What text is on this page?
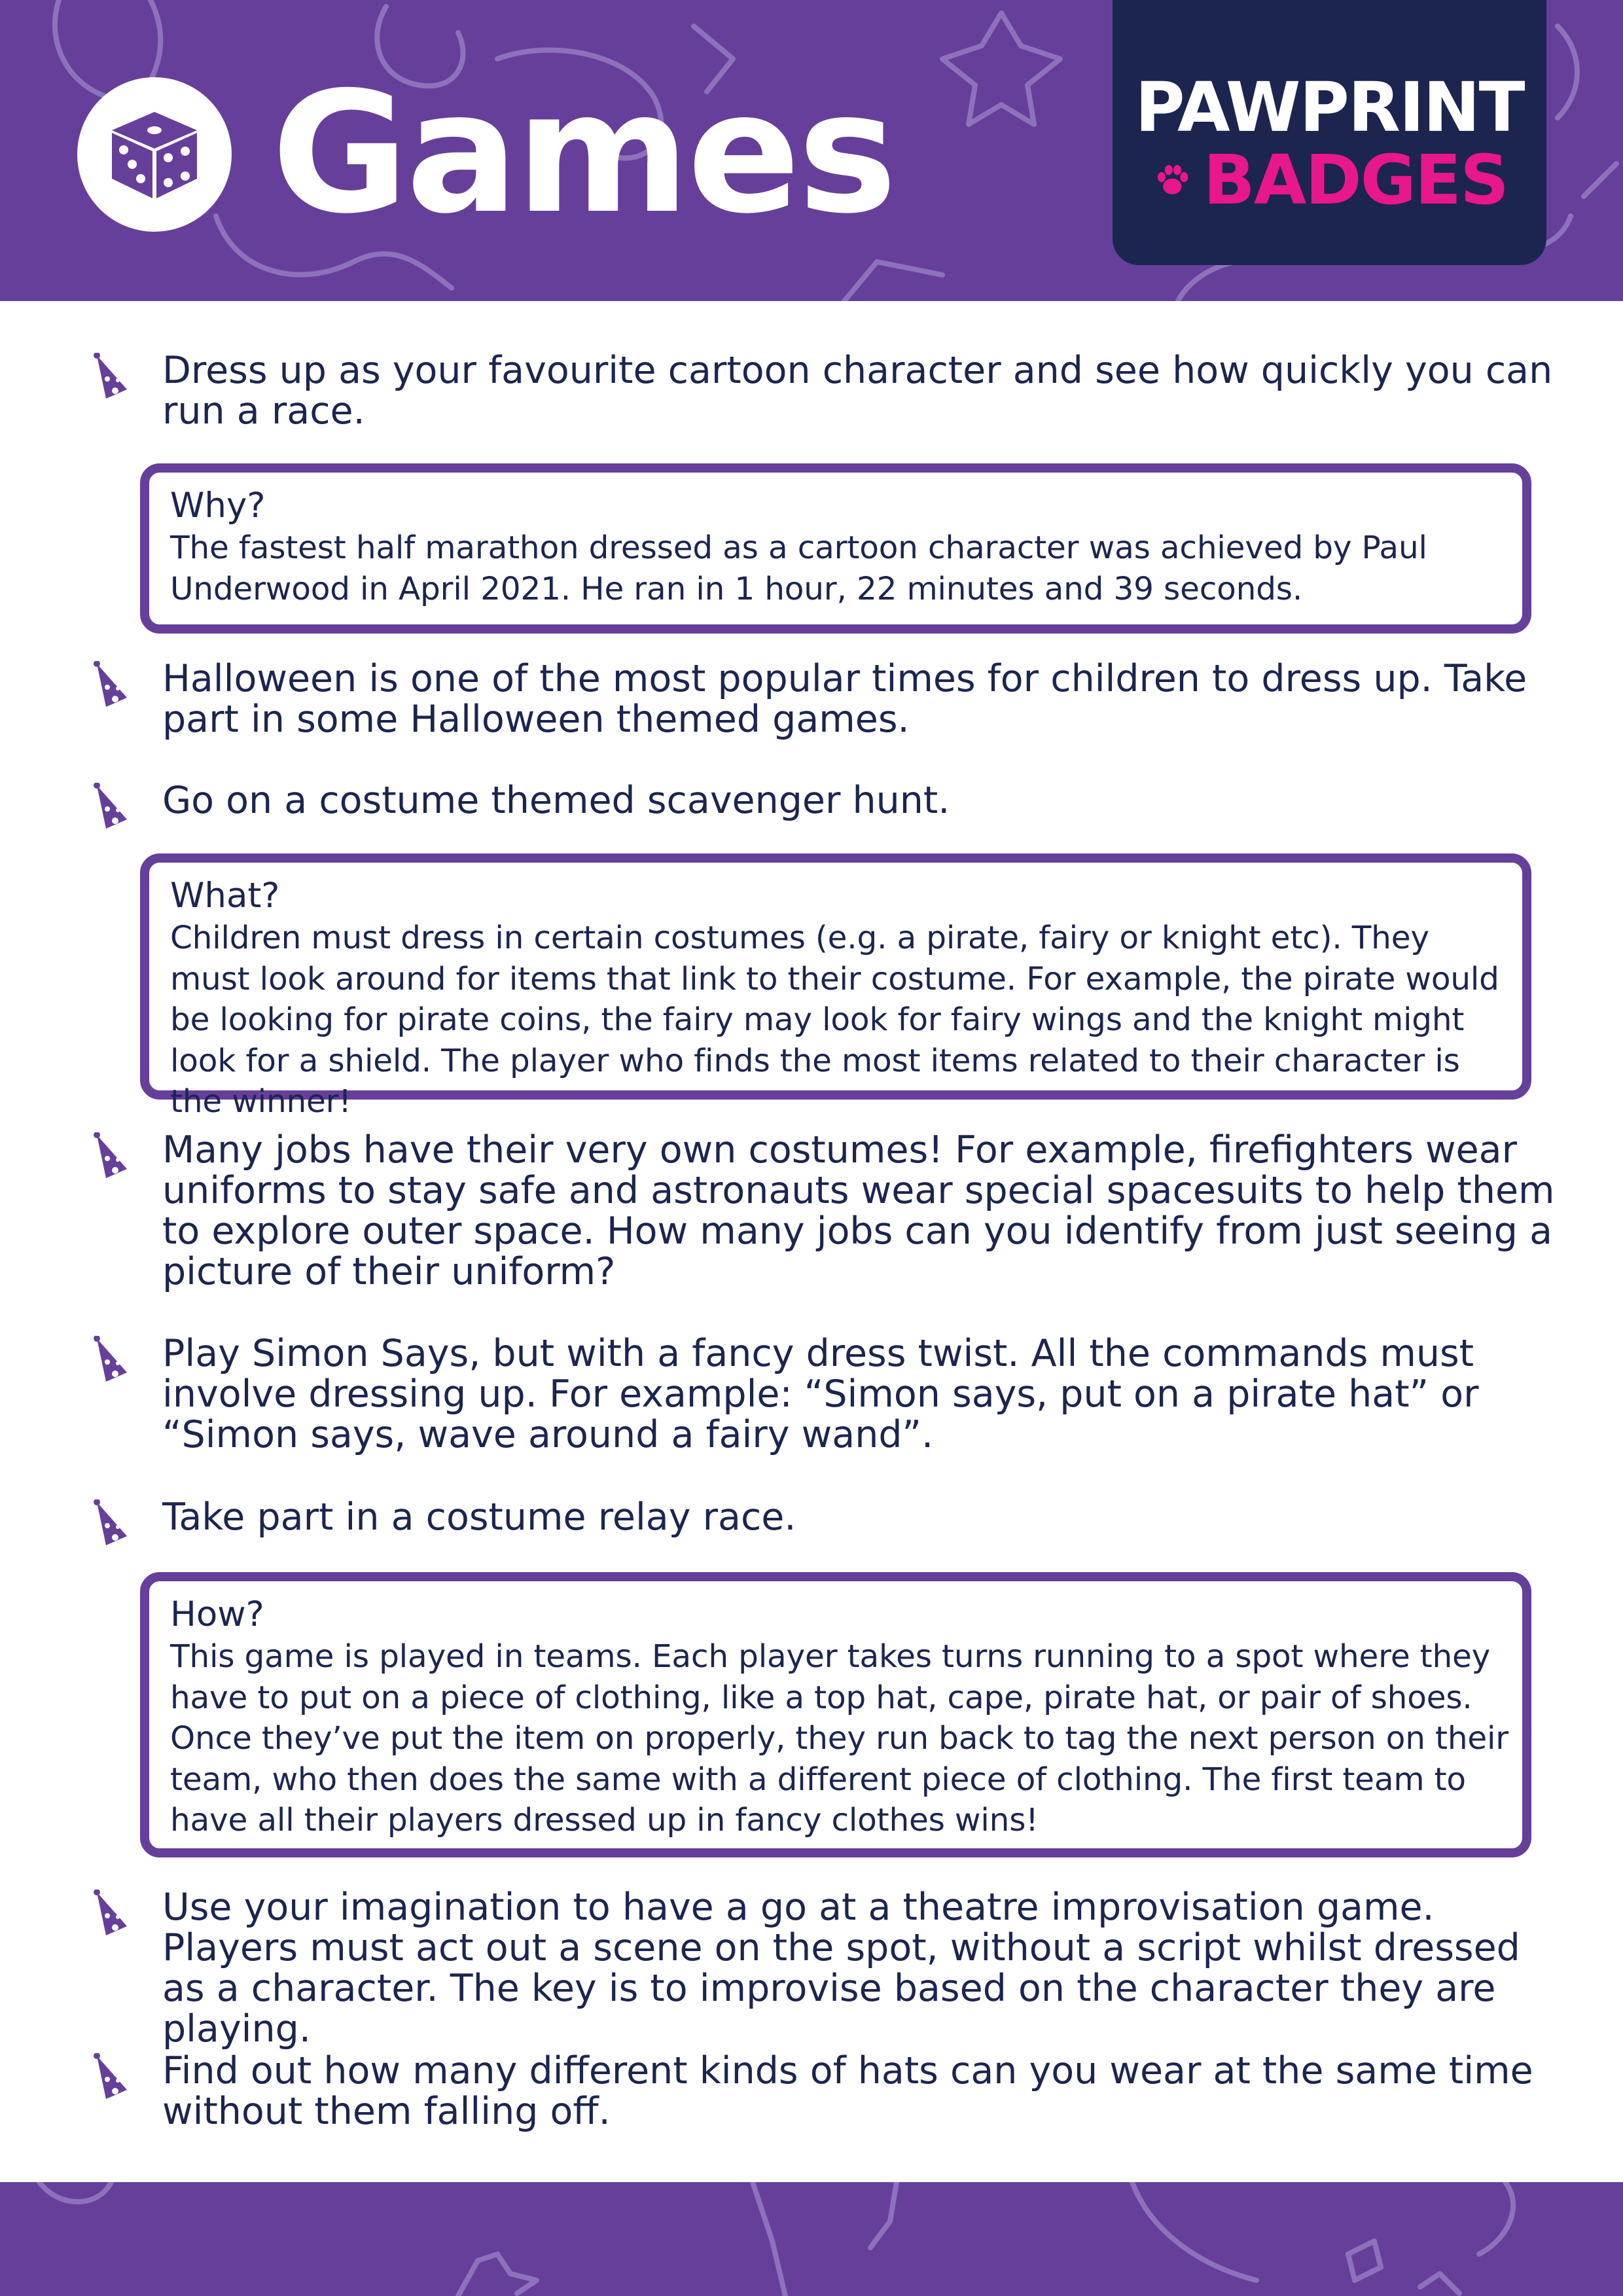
Games	PAWPRINT
BADGES
Dress up as your favourite cartoon character and see how quickly you can run a race.
Why?
The fastest half marathon dressed as a cartoon character was achieved by Paul Underwood in April 2021. He ran in 1 hour, 22 minutes and 39 seconds.
Halloween is one of the most popular times for children to dress up. Take part in some Halloween themed games.
Go on a costume themed scavenger hunt.
What?
Children must dress in certain costumes (e.g. a pirate, fairy or knight etc). They must look around for items that link to their costume. For example, the pirate would be looking for pirate coins, the fairy may look for fairy wings and the knight might look for a shield. The player who finds the most items related to their character is the winner!
Many jobs have their very own costumes! For example, firefighters wear uniforms to stay safe and astronauts wear special spacesuits to help them to explore outer space. How many jobs can you identify from just seeing a picture of their uniform?
Play Simon Says, but with a fancy dress twist. All the commands must involve dressing up. For example: “Simon says, put on a pirate hat” or “Simon says, wave around a fairy wand”.
Take part in a costume relay race.
How?
This game is played in teams. Each player takes turns running to a spot where they have to put on a piece of clothing, like a top hat, cape, pirate hat, or pair of shoes. Once they’ve put the item on properly, they run back to tag the next person on their team, who then does the same with a different piece of clothing. The first team to have all their players dressed up in fancy clothes wins!
Use your imagination to have a go at a theatre improvisation game. Players must act out a scene on the spot, without a script whilst dressed as a character. The key is to improvise based on the character they are playing.
Find out how many different kinds of hats can you wear at the same time without them falling off.
